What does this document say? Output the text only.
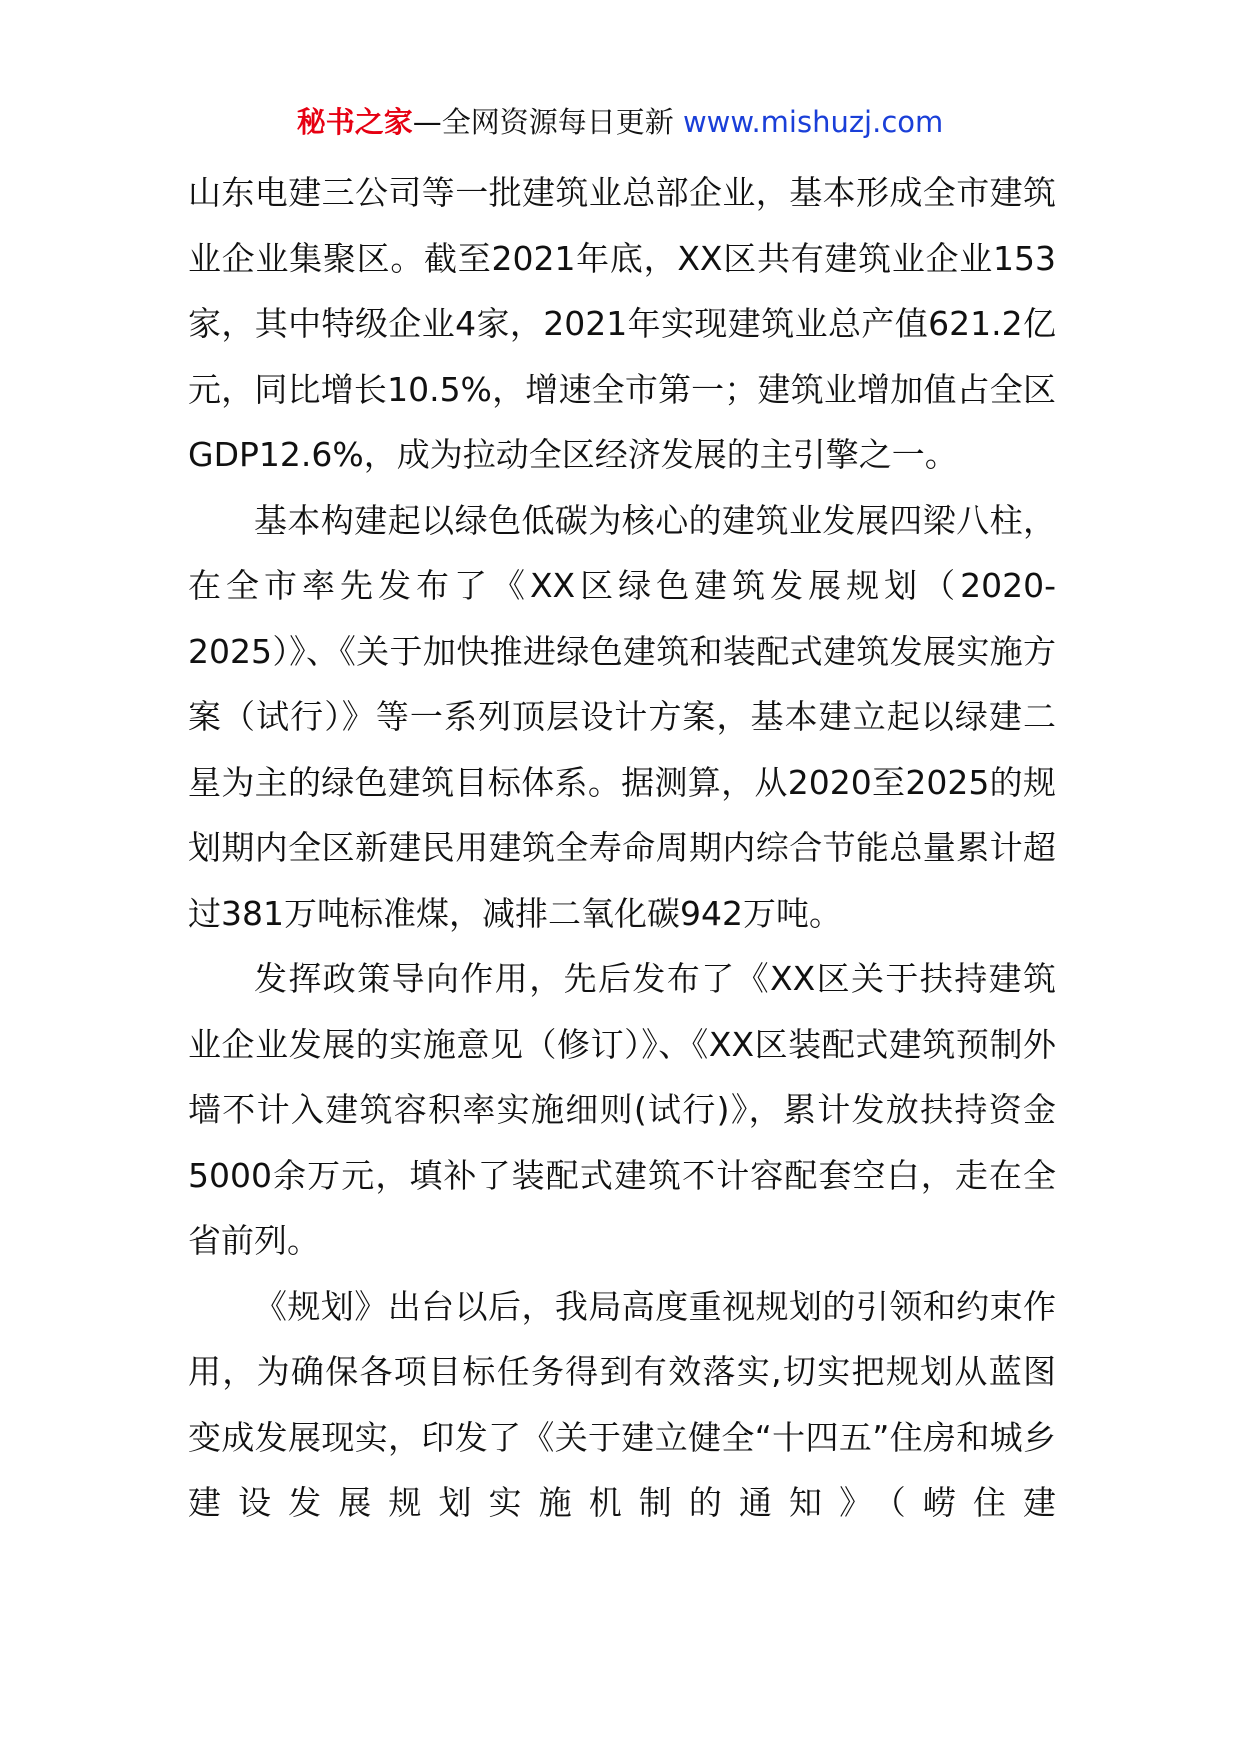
秘书之家—全网资源每日更新 www.mishuzj.com

山东电建三公司等一批建筑业总部企业，基本形成全市建筑业企业集聚区。截至2021年底，XX区共有建筑业企业153家，其中特级企业4家，2021年实现建筑业总产值621.2亿元，同比增长10.5%，增速全市第一；建筑业增加值占全区GDP12.6%，成为拉动全区经济发展的主引擎之一。

基本构建起以绿色低碳为核心的建筑业发展四梁八柱，在全市率先发布了《XX区绿色建筑发展规划（2020-2025）》、《关于加快推进绿色建筑和装配式建筑发展实施方案（试行）》等一系列顶层设计方案，基本建立起以绿建二星为主的绿色建筑目标体系。据测算，从2020至2025的规划期内全区新建民用建筑全寿命周期内综合节能总量累计超过381万吨标准煤，减排二氧化碳942万吨。

发挥政策导向作用，先后发布了《XX区关于扶持建筑业企业发展的实施意见（修订）》、《XX区装配式建筑预制外墙不计入建筑容积率实施细则(试行)》，累计发放扶持资金5000余万元，填补了装配式建筑不计容配套空白，走在全省前列。

《规划》出台以后，我局高度重视规划的引领和约束作用，为确保各项目标任务得到有效落实,切实把规划从蓝图变成发展现实，印发了《关于建立健全“十四五”住房和城乡建设发展规划实施机制的通知》（崂住建
